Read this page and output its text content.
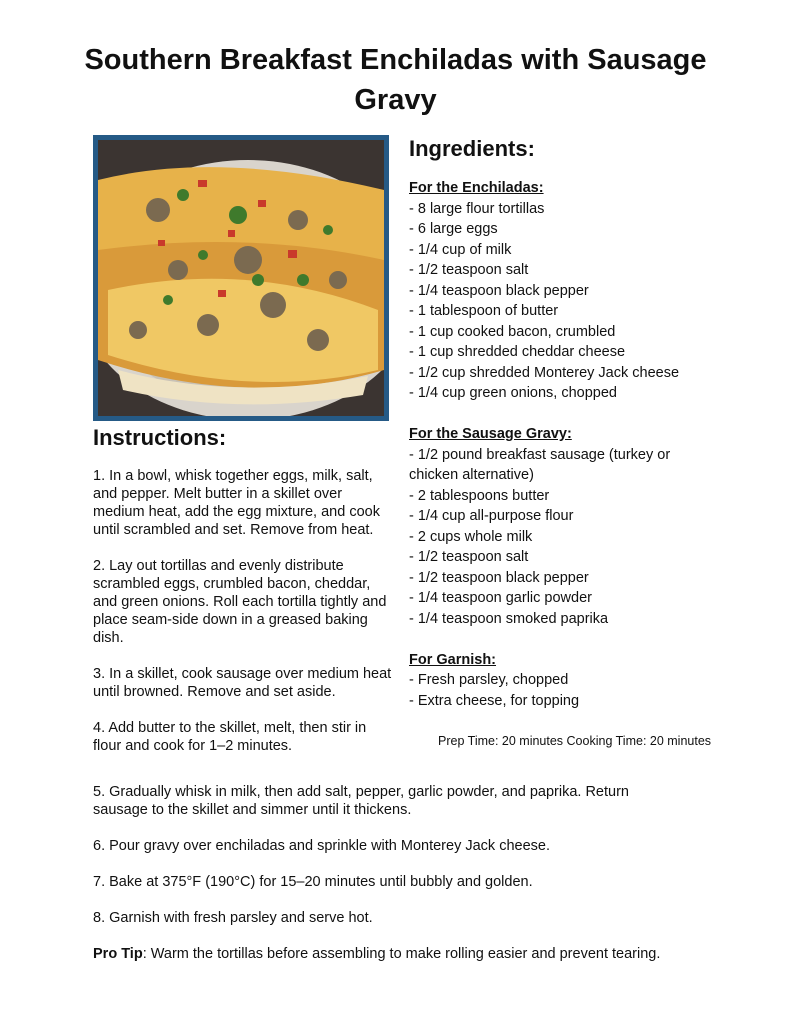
Southern Breakfast Enchiladas with Sausage Gravy
Ingredients:

For the Enchiladas:

- 8 large flour tortillas

- 6 large eggs

- 1/4 cup of milk

- 1/2 teaspoon salt

- 1/4 teaspoon black pepper

- 1 tablespoon of butter

- 1 cup cooked bacon, crumbled

- 1 cup shredded cheddar cheese

- 1/2 cup shredded Monterey Jack cheese

- 1/4 cup green onions, chopped

For the Sausage Gravy:

- 1/2 pound breakfast sausage (turkey or chicken alternative)

- 2 tablespoons butter

- 1/4 cup all-purpose flour

- 2 cups whole milk

- 1/2 teaspoon salt

- 1/2 teaspoon black pepper

- 1/4 teaspoon garlic powder

- 1/4 teaspoon smoked paprika

For Garnish:

- Fresh parsley, chopped

- Extra cheese, for topping

Prep Time: 20 minutes Cooking Time: 20 minutes
Instructions:

1. In a bowl, whisk together eggs, milk, salt, and pepper. Melt butter in a skillet over medium heat, add the egg mixture, and cook until scrambled and set. Remove from heat.

2. Lay out tortillas and evenly distribute scrambled eggs, crumbled bacon, cheddar, and green onions. Roll each tortilla tightly and place seam-side down in a greased baking dish.

3. In a skillet, cook sausage over medium heat until browned. Remove and set aside.

4. Add butter to the skillet, melt, then stir in flour and cook for 1–2 minutes.

5. Gradually whisk in milk, then add salt, pepper, garlic powder, and paprika. Return sausage to the skillet and simmer until it thickens.

6. Pour gravy over enchiladas and sprinkle with Monterey Jack cheese.

7. Bake at 375°F (190°C) for 15–20 minutes until bubbly and golden.

8. Garnish with fresh parsley and serve hot.

Pro Tip: Warm the tortillas before assembling to make rolling easier and prevent tearing.
